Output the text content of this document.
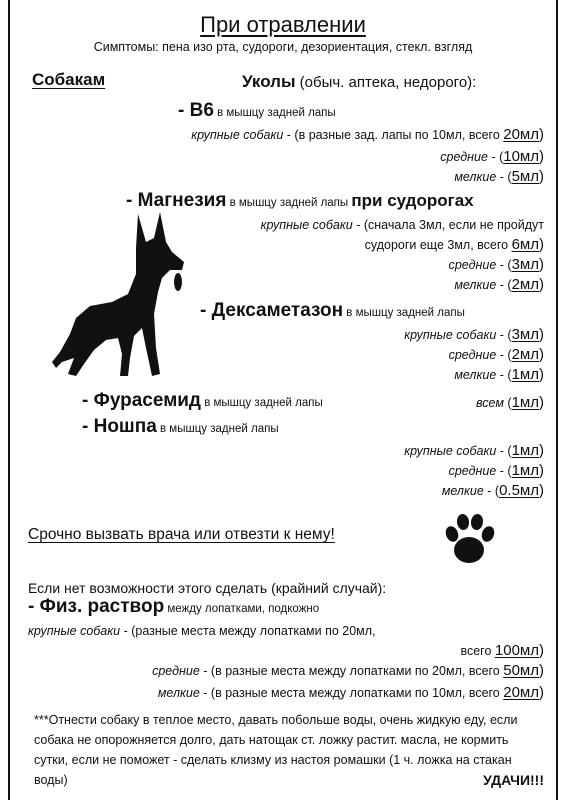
При отравлении
Симптомы: пена изо рта, судороги, дезориентация, стекл. взгляд
Собакам	Уколы (обыч. аптека, недорого):
- В6 в мышцу задней лапы
крупные собаки - (в разные зад. лапы по 10мл, всего 20мл)
средние - (10мл)
мелкие - (5мл)
- Магнезия в мышцу задней лапы при судорогах
крупные собаки - (сначала 3мл, если не пройдут
судороги еще 3мл, всего 6мл)
средние - (3мл)
мелкие - (2мл)
- Дексаметазон в мышцу задней лапы
крупные собаки - (3мл)
средние - (2мл)
мелкие - (1мл)
- Фурасемид в мышцу задней лапы	всем (1мл)
- Ношпа в мышцу задней лапы
крупные собаки - (1мл)
средние - (1мл)
мелкие - (0.5мл)
Срочно вызвать врача или отвезти к нему!
Если нет возможности этого сделать (крайний случай):
- Физ. раствор между лопатками, подкожно
крупные собаки - (разные места между лопатками по 20мл,
всего 100мл)
средние - (в разные места между лопатками по 20мл, всего 50мл)
мелкие - (в разные места между лопатками по 10мл, всего 20мл)
***Отнести собаку в теплое место, давать побольше воды, очень жидкую еду, если собака не опорожняется долго, дать натощак ст. ложку растит. масла, не кормить сутки, если не поможет - сделать клизму из настоя ромашки (1 ч. ложка на стакан воды)	УДАЧИ!!!
